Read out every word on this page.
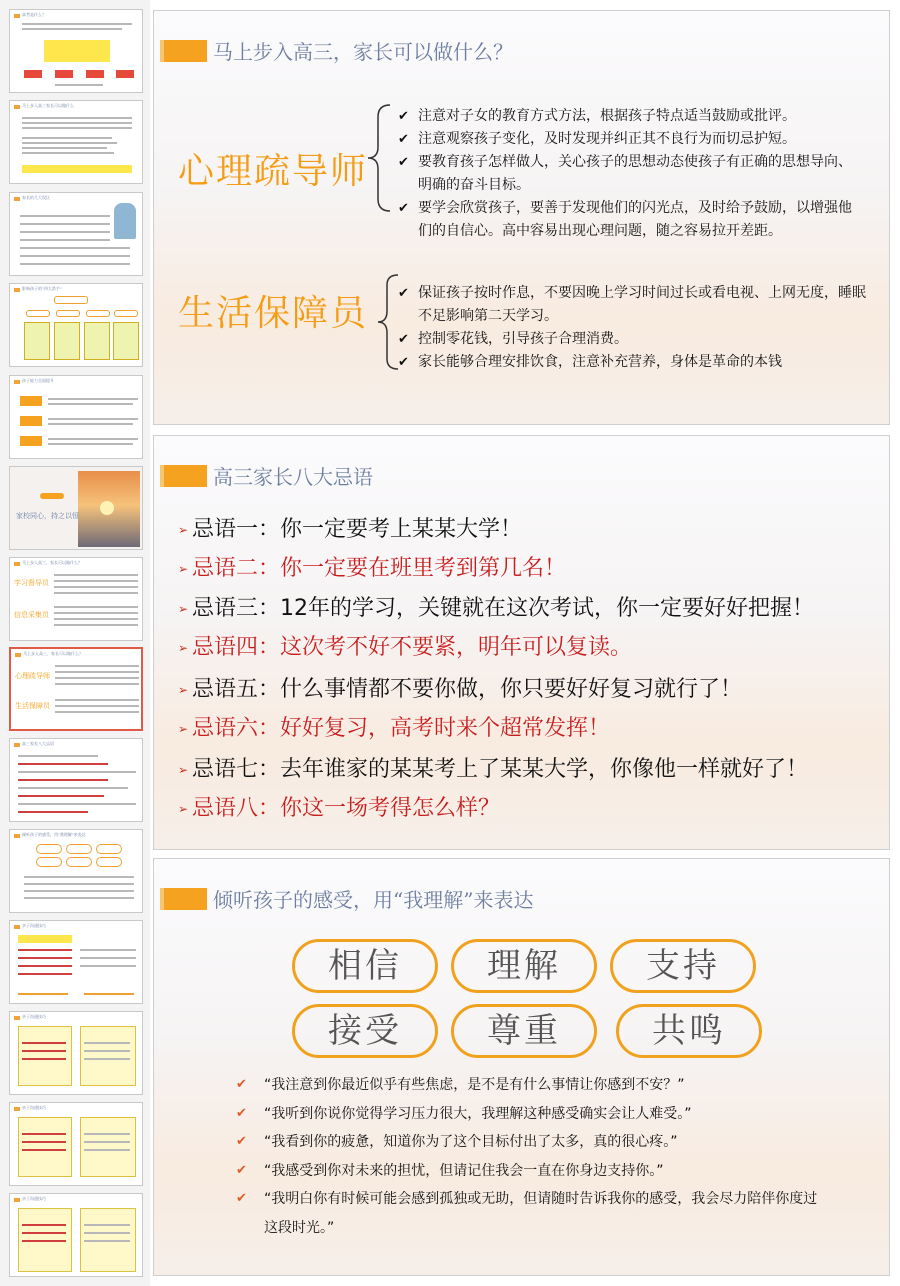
高考是什么？
马上步入高三家长可以做什么
家长的几大误区
影响孩子的"四大杀手"
孩子能力全面提升
家校同心，持之以恒
马上步入高三，家长可以做什么？
学习督导员
信息采集员
马上步入高三，家长可以做什么？
心理疏导师
生活保障员
高三家长八大忌语
倾听孩子的感受，用"我理解"来表达
亲子沟通技巧
亲子沟通技巧
亲子沟通技巧
亲子沟通技巧
马上步入高三，家长可以做什么？
心理疏导师
✔ 注意对子女的教育方式方法，根据孩子特点适当鼓励或批评。
✔ 注意观察孩子变化，及时发现并纠正其不良行为而切忌护短。
✔ 要教育孩子怎样做人，关心孩子的思想动态使孩子有正确的思想导向、明确的奋斗目标。
✔ 要学会欣赏孩子，要善于发现他们的闪光点，及时给予鼓励，以增强他们的自信心。高中容易出现心理问题，随之容易拉开差距。
生活保障员
✔	保证孩子按时作息，不要因晚上学习时间过长或看电视、上网无度，睡眠不足影响第二天学习。
✔ 控制零花钱，引导孩子合理消费。
✔ 家长能够合理安排饮食，注意补充营养，身体是革命的本钱
高三家长八大忌语
➢ 忌语一：你一定要考上某某大学！
➢ 忌语二：你一定要在班里考到第几名！
➢ 忌语三：12年的学习，关键就在这次考试，你一定要好好把握！
➢ 忌语四：这次考不好不要紧，明年可以复读。
➢ 忌语五：什么事情都不要你做，你只要好好复习就行了！
➢ 忌语六：好好复习，高考时来个超常发挥！
➢ 忌语七：去年谁家的某某考上了某某大学，你像他一样就好了！
➢ 忌语八：你这一场考得怎么样？
倾听孩子的感受，用“我理解”来表达
相信	理解	支持
接受	尊重	共鸣
✔ “我注意到你最近似乎有些焦虑，是不是有什么事情让你感到不安？”
✔ “我听到你说你觉得学习压力很大，我理解这种感受确实会让人难受。”
✔ “我看到你的疲惫，知道你为了这个目标付出了太多，真的很心疼。”
✔ “我感受到你对未来的担忧，但请记住我会一直在你身边支持你。”
✔ “我明白你有时候可能会感到孤独或无助，但请随时告诉我你的感受，我会尽力陪伴你度过这段时光。”
